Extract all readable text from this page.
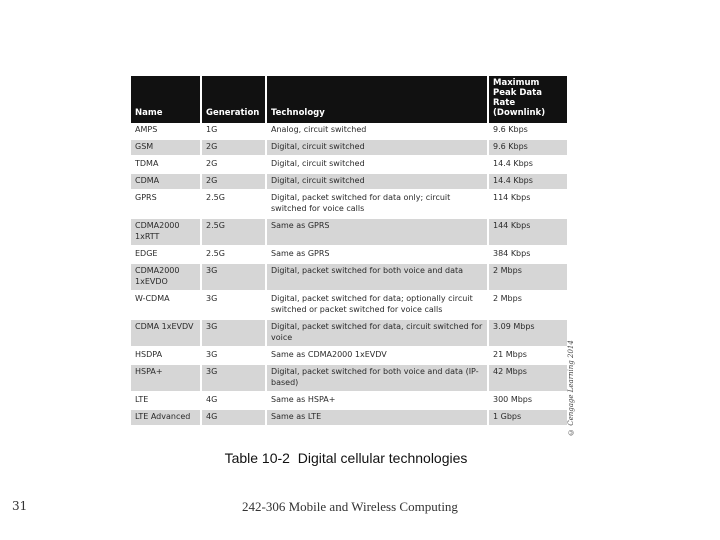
Name	Generation	Technology	Maximum Peak Data Rate (Downlink)
AMPS	1G	Analog, circuit switched	9.6 Kbps
GSM	2G	Digital, circuit switched	9.6 Kbps
TDMA	2G	Digital, circuit switched	14.4 Kbps
CDMA	2G	Digital, circuit switched	14.4 Kbps
GPRS	2.5G	Digital, packet switched for data only; circuit switched for voice calls	114 Kbps
CDMA2000 1xRTT	2.5G	Same as GPRS	144 Kbps
EDGE	2.5G	Same as GPRS	384 Kbps
CDMA2000 1xEVDO	3G	Digital, packet switched for both voice and data	2 Mbps
W-CDMA	3G	Digital, packet switched for data; optionally circuit switched or packet switched for voice calls	2 Mbps
CDMA 1xEVDV	3G	Digital, packet switched for data, circuit switched for voice	3.09 Mbps
HSDPA	3G	Same as CDMA2000 1xEVDV	21 Mbps
HSPA+	3G	Digital, packet switched for both voice and data (IP-based)	42 Mbps
LTE	4G	Same as HSPA+	300 Mbps
LTE Advanced	4G	Same as LTE	1 Gbps	© Cengage Learning 2014
Table 10-2 Digital cellular technologies
31	242-306 Mobile and Wireless Computing
